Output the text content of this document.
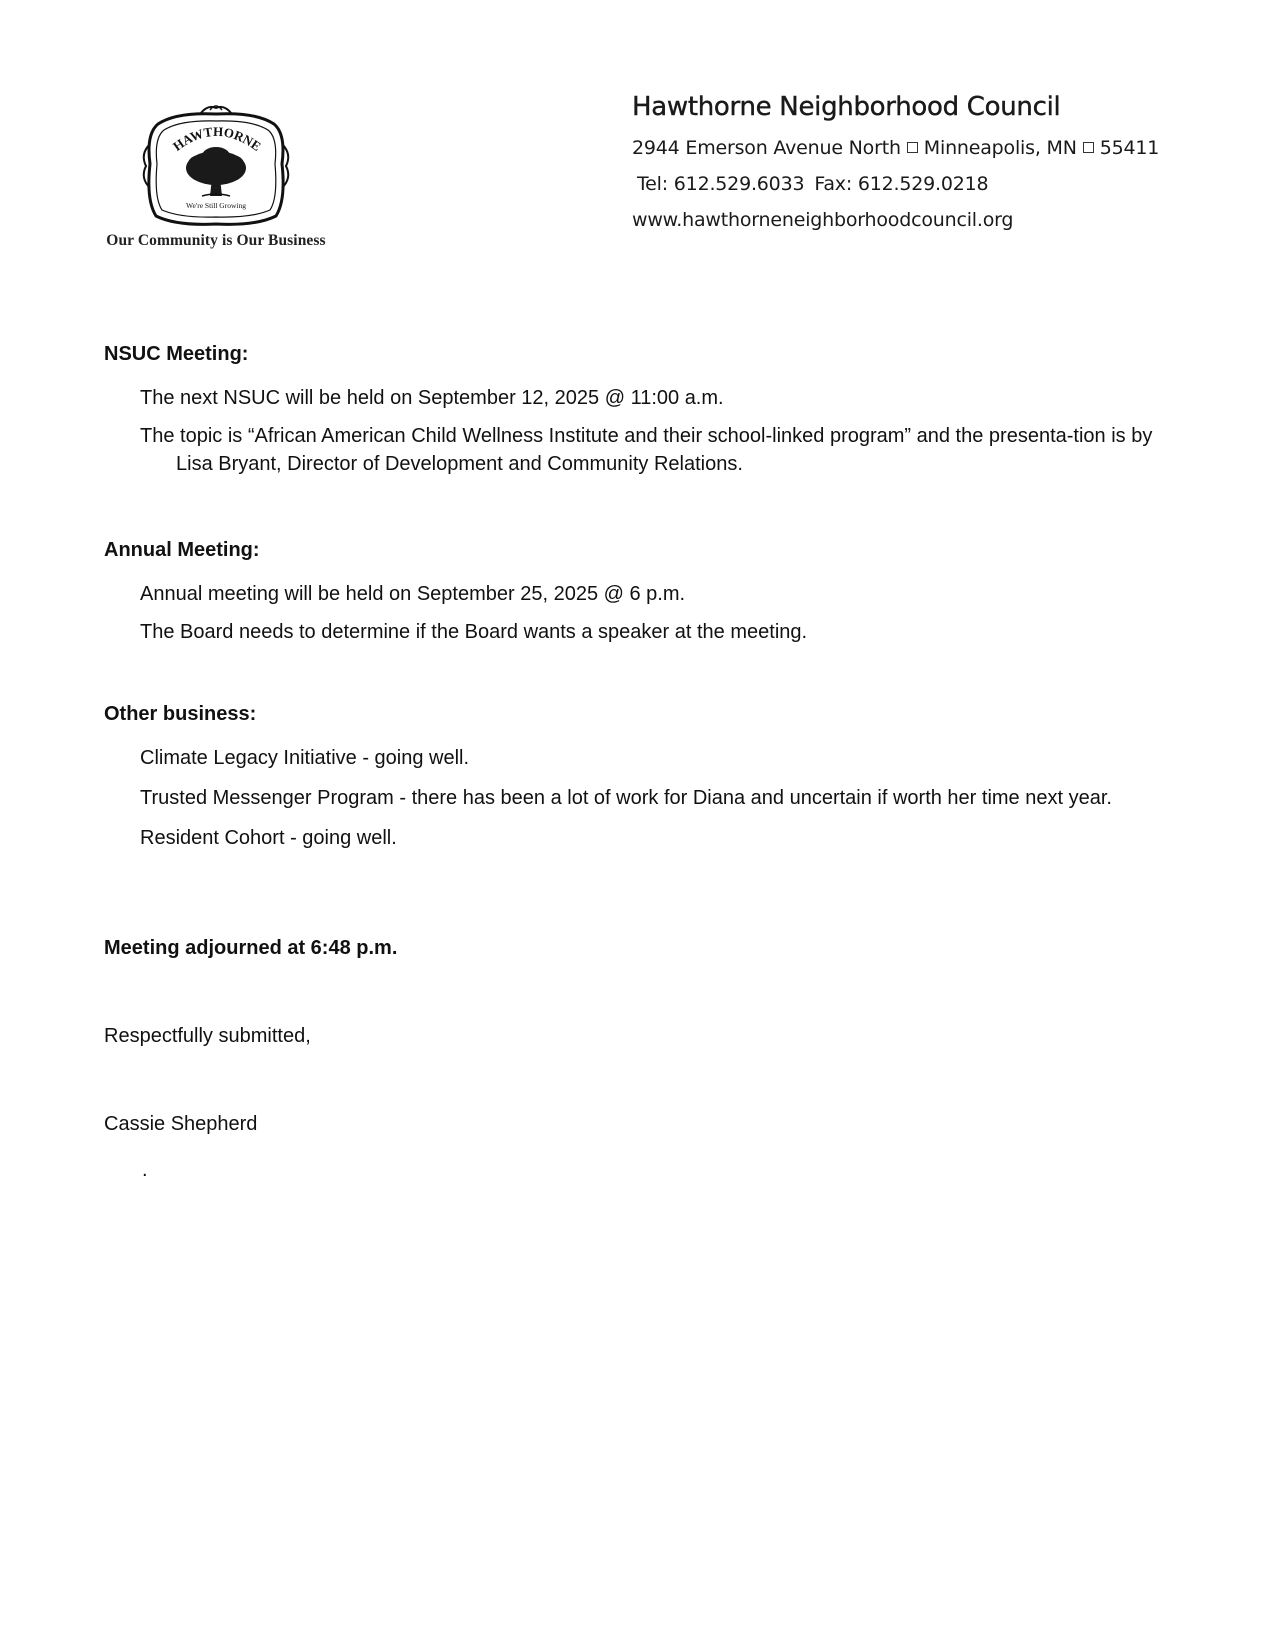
HAWTHORNE
We're Still Growing
Our Community is Our Business
Hawthorne Neighborhood Council
2944 Emerson Avenue North Minneapolis, MN 55411
Tel: 612.529.6033 Fax: 612.529.0218
www.hawthorneneighborhoodcouncil.org

NSUC Meeting:

The next NSUC will be held on September 12, 2025 @ 11:00 a.m.

The topic is “African American Child Wellness Institute and their school-linked program” and the presenta-tion is by Lisa Bryant, Director of Development and Community Relations.

Annual Meeting:

Annual meeting will be held on September 25, 2025 @ 6 p.m.

The Board needs to determine if the Board wants a speaker at the meeting.

Other business:

Climate Legacy Initiative - going well.

Trusted Messenger Program - there has been a lot of work for Diana and uncertain if worth her time next year.

Resident Cohort - going well.

Meeting adjourned at 6:48 p.m.
Respectfully submitted,
Cassie Shepherd
.
